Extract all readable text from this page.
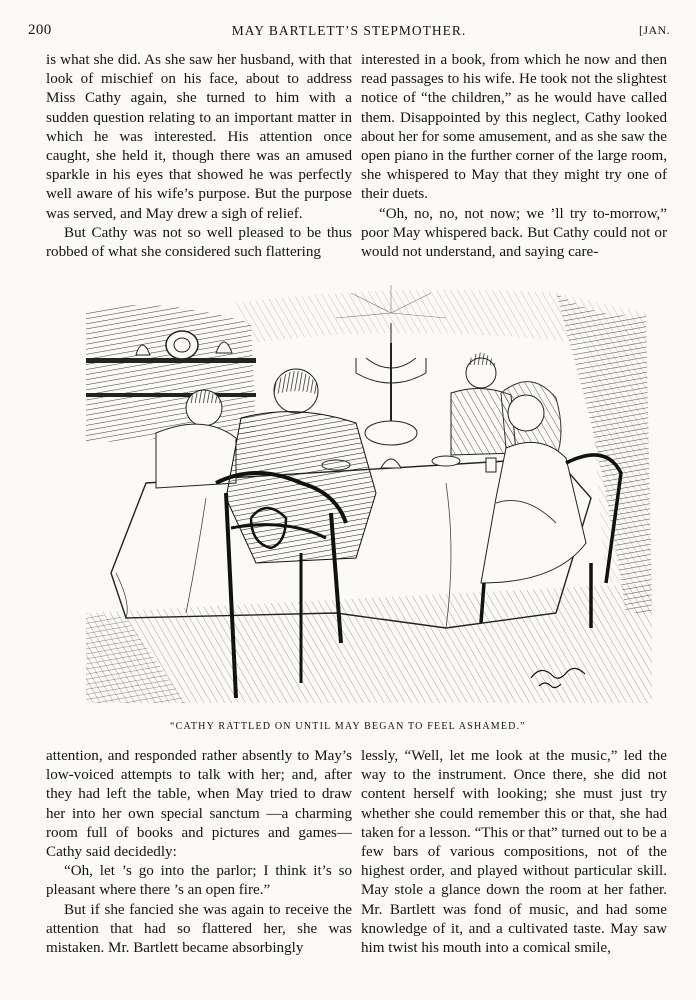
200	MAY BARTLETT’S STEPMOTHER.	[JAN.

is what she did. As she saw her husband, with that look of mischief on his face, about to address Miss Cathy again, she turned to him with a sudden question relating to an important matter in which he was interested. His attention once caught, she held it, though there was an amused sparkle in his eyes that showed he was perfectly well aware of his wife’s purpose. But the purpose was served, and May drew a sigh of relief.

But Cathy was not so well pleased to be thus robbed of what she considered such flattering

interested in a book, from which he now and then read passages to his wife. He took not the slightest notice of “the children,” as he would have called them. Disappointed by this neglect, Cathy looked about her for some amusement, and as she saw the open piano in the further corner of the large room, she whispered to May that they might try one of their duets.

“Oh, no, no, not now; we ’ll try to-morrow,” poor May whispered back. But Cathy could not or would not understand, and saying care-

“CATHY RATTLED ON UNTIL MAY BEGAN TO FEEL ASHAMED.”

attention, and responded rather absently to May’s low-voiced attempts to talk with her; and, after they had left the table, when May tried to draw her into her own special sanctum —a charming room full of books and pictures and games—Cathy said decidedly:

“Oh, let ’s go into the parlor; I think it’s so pleasant where there ’s an open fire.”

But if she fancied she was again to receive the attention that had so flattered her, she was mistaken. Mr. Bartlett became absorbingly

lessly, “Well, let me look at the music,” led the way to the instrument. Once there, she did not content herself with looking; she must just try whether she could remember this or that, she had taken for a lesson. “This or that” turned out to be a few bars of various compositions, not of the highest order, and played without particular skill. May stole a glance down the room at her father. Mr. Bartlett was fond of music, and had some knowledge of it, and a cultivated taste. May saw him twist his mouth into a comical smile,
